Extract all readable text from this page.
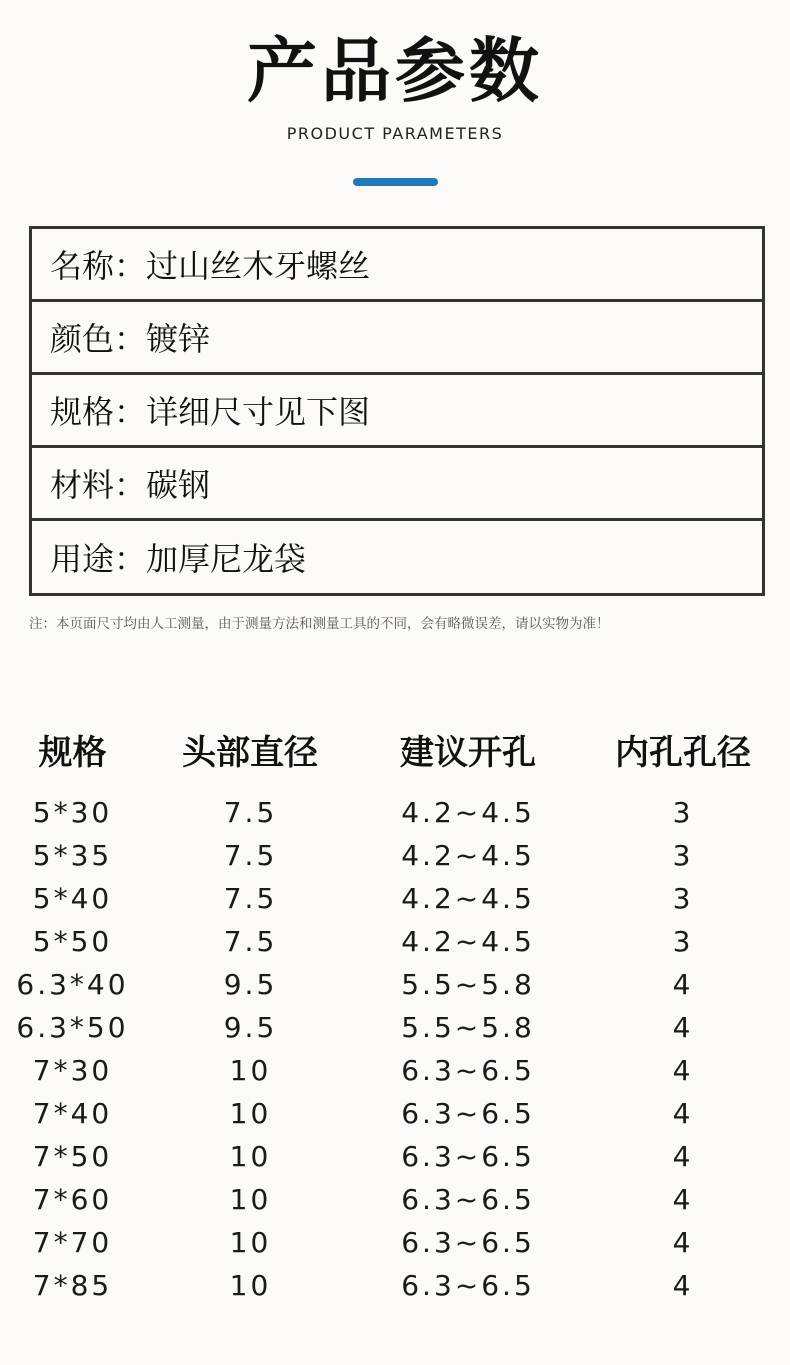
产品参数
PRODUCT PARAMETERS
名称： 过山丝木牙螺丝
颜色： 镀锌
规格： 详细尺寸见下图
材料： 碳钢
用途： 加厚尼龙袋
注：本页面尺寸均由人工测量，由于测量方法和测量工具的不同，会有略微误差，请以实物为准！
规格	头部直径	建议开孔	内孔孔径
5*30	7.5	4.2~4.5	3
5*35	7.5	4.2~4.5	3
5*40	7.5	4.2~4.5	3
5*50	7.5	4.2~4.5	3
6.3*40	9.5	5.5~5.8	4
6.3*50	9.5	5.5~5.8	4
7*30	10	6.3~6.5	4
7*40	10	6.3~6.5	4
7*50	10	6.3~6.5	4
7*60	10	6.3~6.5	4
7*70	10	6.3~6.5	4
7*85	10	6.3~6.5	4
